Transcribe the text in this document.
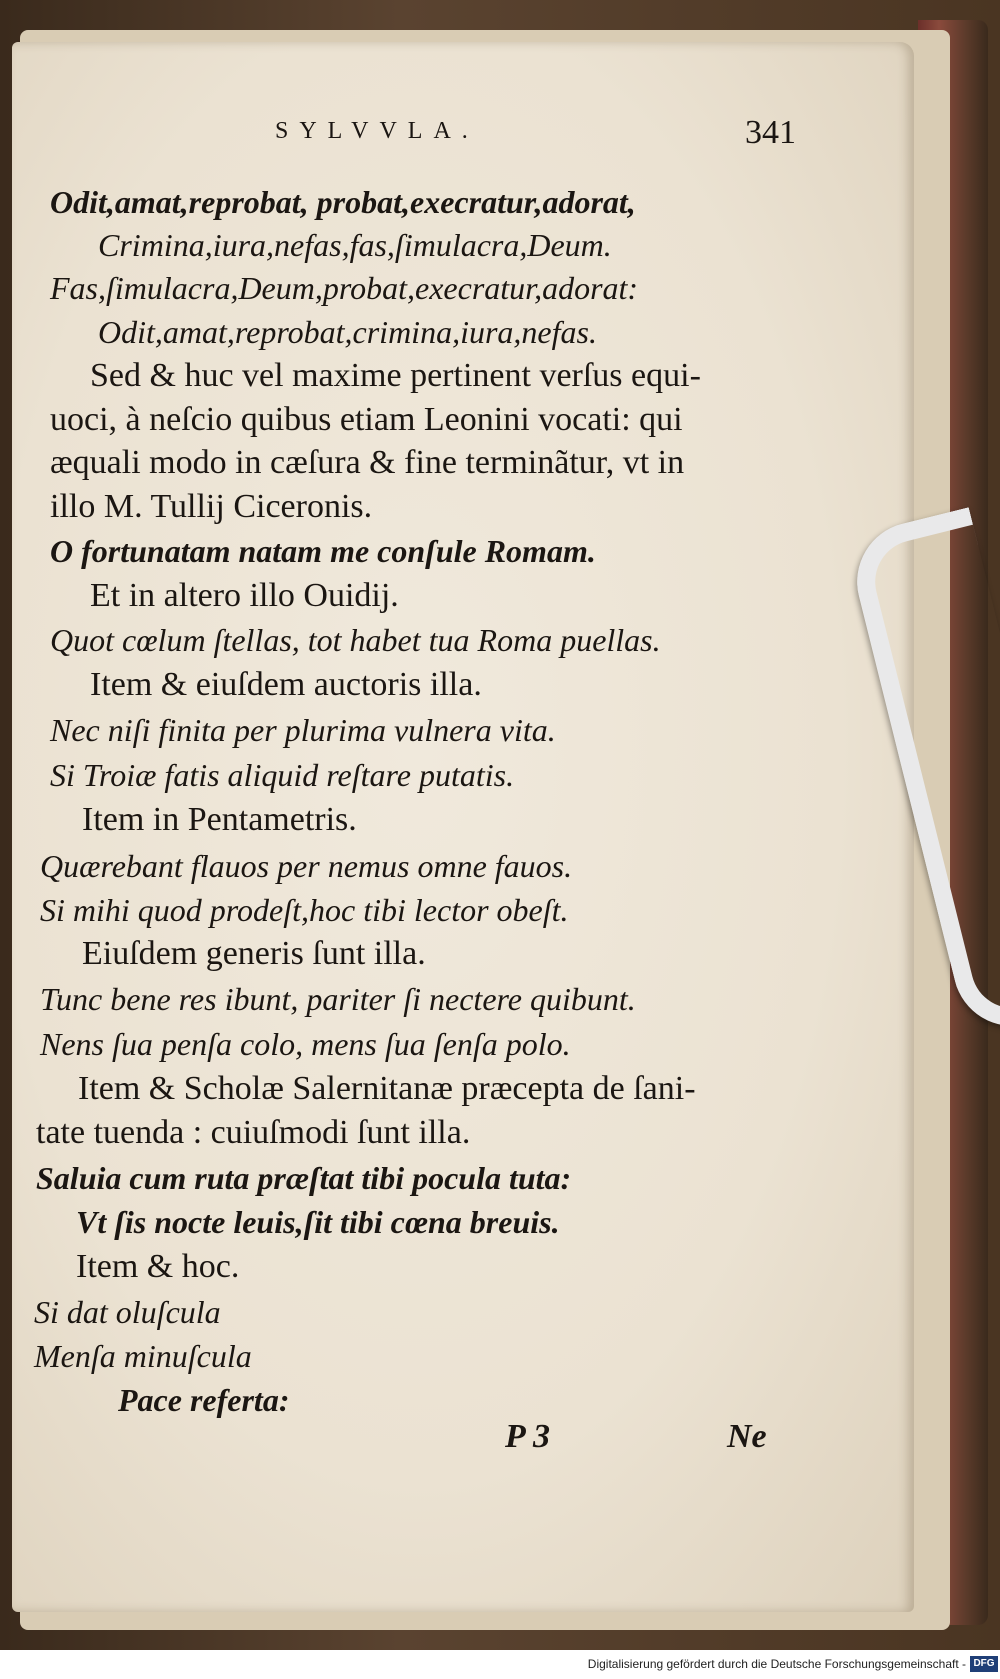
SYLVVLA.	341
Odit,amat,reprobat, probat,execratur,adorat,
Crimina,iura,nefas,fas,ſimulacra,Deum.
Fas,ſimulacra,Deum,probat,execratur,adorat:
Odit,amat,reprobat,crimina,iura,nefas.
Sed & huc vel maxime pertinent verſus equi-
uoci, à neſcio quibus etiam Leonini vocati: qui
æquali modo in cæſura & fine terminãtur, vt in
illo M. Tullij Ciceronis.
O fortunatam natam me conſule Romam.
Et in altero illo Ouidij.
Quot cœlum ſtellas, tot habet tua Roma puellas.
Item & eiuſdem auctoris illa.
Nec niſi finita per plurima vulnera vita.
Si Troiæ fatis aliquid reſtare putatis.
Item in Pentametris.
Quærebant flauos per nemus omne fauos.
Si mihi quod prodeſt,hoc tibi lector obeſt.
Eiuſdem generis ſunt illa.
Tunc bene res ibunt, pariter ſi nectere quibunt.
Nens ſua penſa colo, mens ſua ſenſa polo.
Item & Scholæ Salernitanæ præcepta de ſani-
tate tuenda : cuiuſmodi ſunt illa.
Saluia cum ruta præſtat tibi pocula tuta:
Vt ſis nocte leuis,ſit tibi cœna breuis.
Item & hoc.
Si dat oluſcula
Menſa minuſcula
Pace referta:
P 3	Ne
Digitalisierung gefördert durch die Deutsche Forschungsgemeinschaft - DFG
